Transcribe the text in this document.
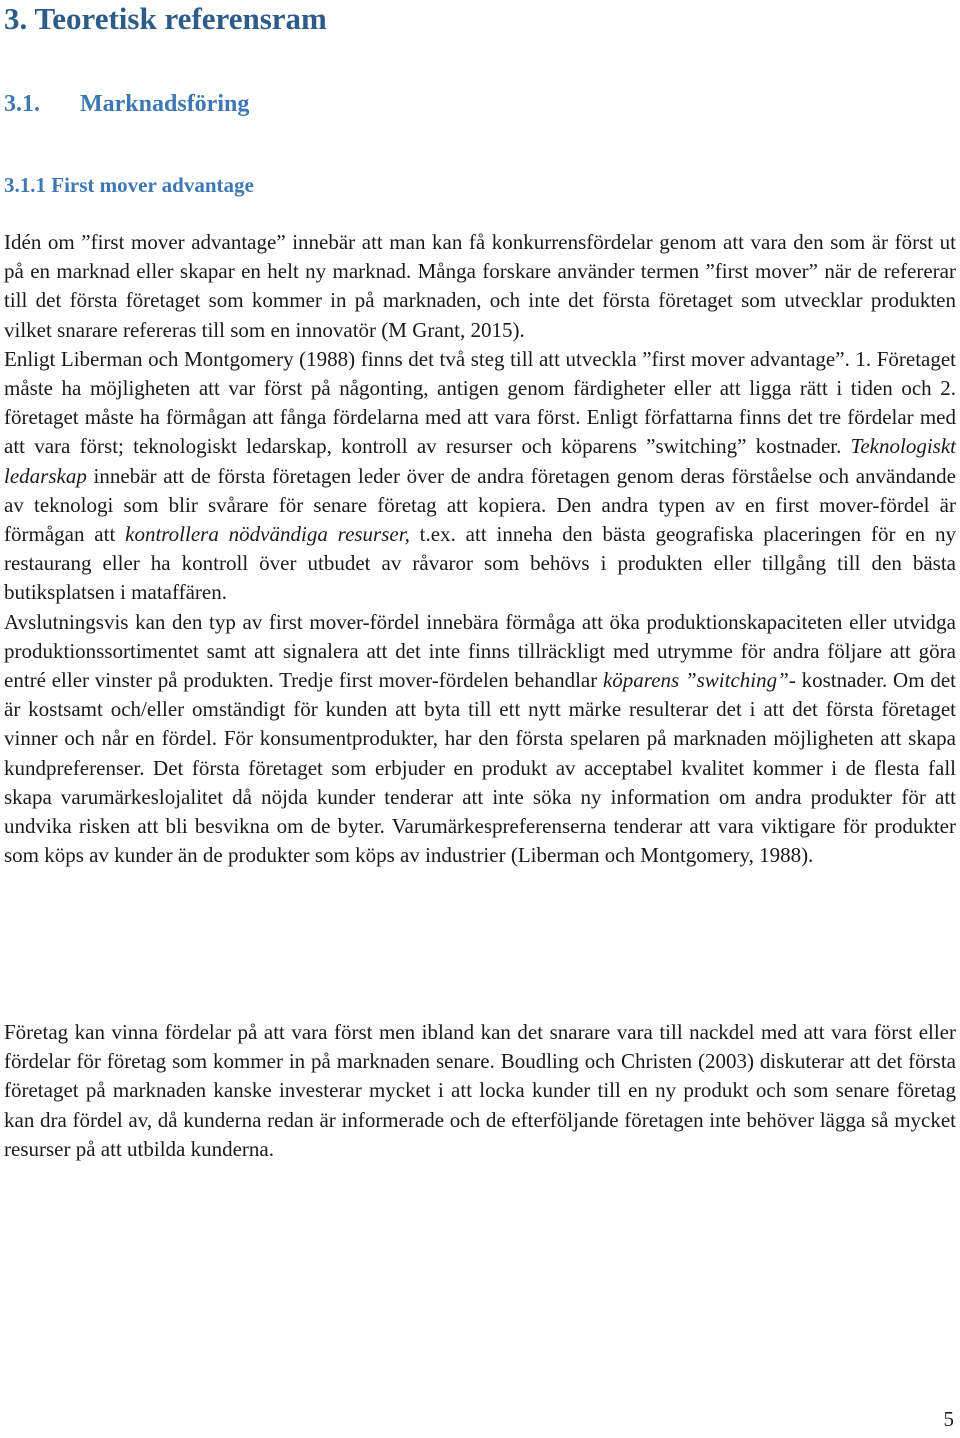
3. Teoretisk referensram
3.1. Marknadsföring
3.1.1 First mover advantage
Idén om ”first mover advantage” innebär att man kan få konkurrensfördelar genom att vara den som är först ut på en marknad eller skapar en helt ny marknad. Många forskare använder termen ”first mover” när de refererar till det första företaget som kommer in på marknaden, och inte det första företaget som utvecklar produkten vilket snarare refereras till som en innovatör (M Grant, 2015).
Enligt Liberman och Montgomery (1988) finns det två steg till att utveckla ”first mover advantage”. 1. Företaget måste ha möjligheten att var först på någonting, antigen genom färdigheter eller att ligga rätt i tiden och 2. företaget måste ha förmågan att fånga fördelarna med att vara först. Enligt författarna finns det tre fördelar med att vara först; teknologiskt ledarskap, kontroll av resurser och köparens ”switching” kostnader. Teknologiskt ledarskap innebär att de första företagen leder över de andra företagen genom deras förståelse och användande av teknologi som blir svårare för senare företag att kopiera. Den andra typen av en first mover-fördel är förmågan att kontrollera nödvändiga resurser, t.ex. att inneha den bästa geografiska placeringen för en ny restaurang eller ha kontroll över utbudet av råvaror som behövs i produkten eller tillgång till den bästa butiksplatsen i mataffären.
Avslutningsvis kan den typ av first mover-fördel innebära förmåga att öka produktionskapaciteten eller utvidga produktionssortimentet samt att signalera att det inte finns tillräckligt med utrymme för andra följare att göra entré eller vinster på produkten. Tredje first mover-fördelen behandlar köparens ”switching”- kostnader. Om det är kostsamt och/eller omständigt för kunden att byta till ett nytt märke resulterar det i att det första företaget vinner och når en fördel. För konsumentprodukter, har den första spelaren på marknaden möjligheten att skapa kundpreferenser. Det första företaget som erbjuder en produkt av acceptabel kvalitet kommer i de flesta fall skapa varumärkeslojalitet då nöjda kunder tenderar att inte söka ny information om andra produkter för att undvika risken att bli besvikna om de byter. Varumärkespreferenserna tenderar att vara viktigare för produkter som köps av kunder än de produkter som köps av industrier (Liberman och Montgomery, 1988).
Företag kan vinna fördelar på att vara först men ibland kan det snarare vara till nackdel med att vara först eller fördelar för företag som kommer in på marknaden senare. Boudling och Christen (2003) diskuterar att det första företaget på marknaden kanske investerar mycket i att locka kunder till en ny produkt och som senare företag kan dra fördel av, då kunderna redan är informerade och de efterföljande företagen inte behöver lägga så mycket resurser på att utbilda kunderna.
5
